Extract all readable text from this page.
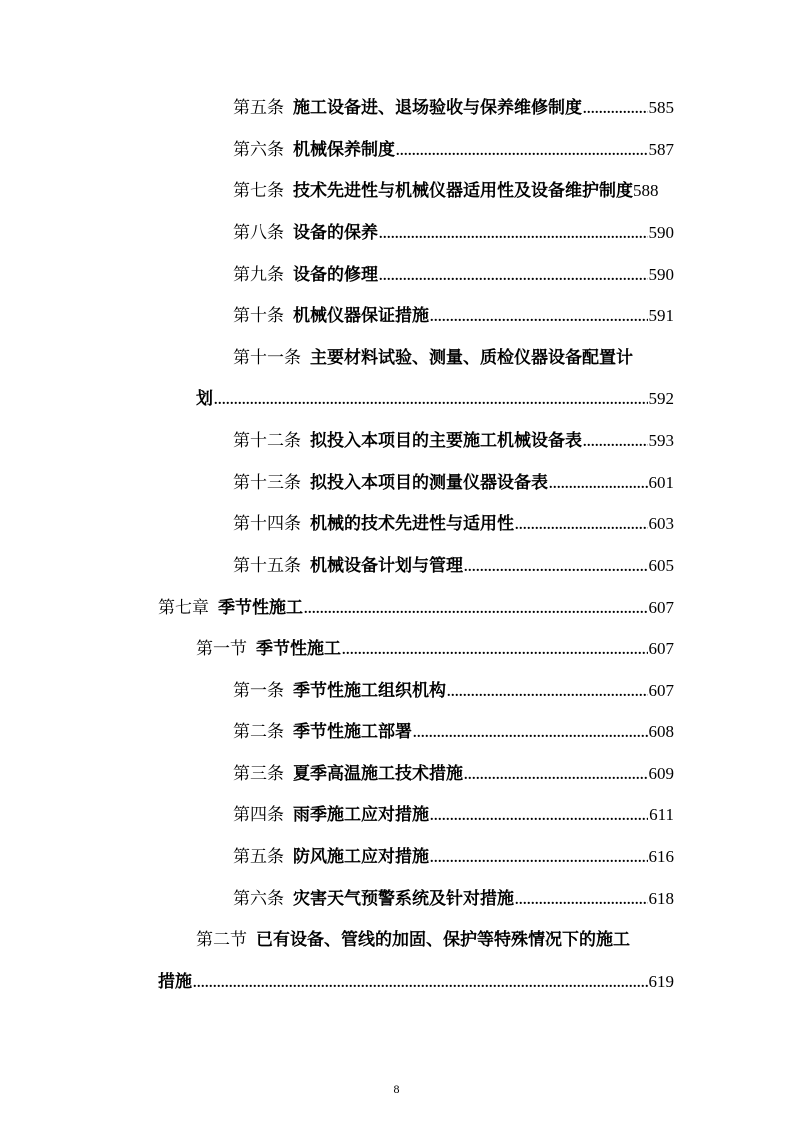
第五条 施工设备进、退场验收与保养维修制度 .....	585
第六条 机械保养制度 .....	587
第七条 技术先进性与机械仪器适用性及设备维护制度 588
第八条 设备的保养 .....	590
第九条 设备的修理 .....	590
第十条 机械仪器保证措施 .....	591
第十一条 主要材料试验、测量、质检仪器设备配置计
划 .....	592
第十二条 拟投入本项目的主要施工机械设备表 .....	593
第十三条 拟投入本项目的测量仪器设备表 .....	601
第十四条 机械的技术先进性与适用性 .....	603
第十五条 机械设备计划与管理 .....	605
第七章 季节性施工 .....	607
第一节 季节性施工 .....	607
第一条 季节性施工组织机构 .....	607
第二条 季节性施工部署 .....	608
第三条 夏季高温施工技术措施 .....	609
第四条 雨季施工应对措施 .....	611
第五条 防风施工应对措施 .....	616
第六条 灾害天气预警系统及针对措施 .....	618
第二节 已有设备、管线的加固、保护等特殊情况下的施工
措施 .....	619
8
